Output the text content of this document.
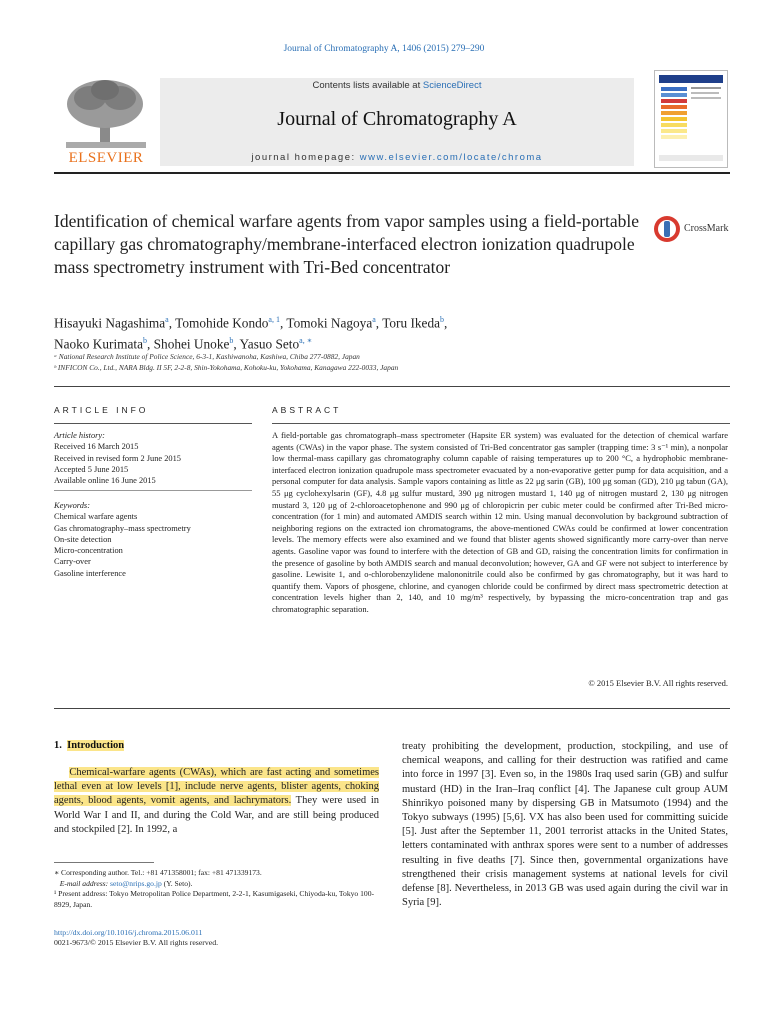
Journal of Chromatography A, 1406 (2015) 279–290
ELSEVIER
Contents lists available at ScienceDirect
Journal of Chromatography A
journal homepage: www.elsevier.com/locate/chroma
Identification of chemical warfare agents from vapor samples using a field-portable capillary gas chromatography/membrane-interfaced electron ionization quadrupole mass spectrometry instrument with Tri-Bed concentrator
CrossMark
Hisayuki Nagashima$^a$, Tomohide Kondo$^{a, 1}$, Tomoki Nagoya$^a$, Toru Ikeda$^b$,
Naoko Kurimata$^b$, Shohei Unoke$^b$, Yasuo Seto$^{a, ∗}$
ᵃ National Research Institute of Police Science, 6-3-1, Kashiwanoha, Kashiwa, Chiba 277-0882, Japan
ᵇ INFICON Co., Ltd., NARA Bldg. II 5F, 2-2-8, Shin-Yokohama, Kohoku-ku, Yokohama, Kanagawa 222-0033, Japan
ARTICLE INFO
Article history:
Received 16 March 2015
Received in revised form 2 June 2015
Accepted 5 June 2015
Available online 16 June 2015
Keywords:
Chemical warfare agents
Gas chromatography–mass spectrometry
On-site detection
Micro-concentration
Carry-over
Gasoline interference
ABSTRACT
A field-portable gas chromatograph–mass spectrometer (Hapsite ER system) was evaluated for the detection of chemical warfare agents (CWAs) in the vapor phase. The system consisted of Tri-Bed concentrator gas sampler (trapping time: 3 s⁻¹ min), a nonpolar low thermal-mass capillary gas chromatography column capable of raising temperatures up to 200 °C, a hydrophobic membrane-interfaced electron ionization quadrupole mass spectrometer evacuated by a non-evaporative getter pump for data acquisition, and a personal computer for data analysis. Sample vapors containing as little as 22 μg sarin (GB), 100 μg soman (GD), 210 μg tabun (GA), 55 μg cyclohexylsarin (GF), 4.8 μg sulfur mustard, 390 μg nitrogen mustard 1, 140 μg of nitrogen mustard 2, 130 μg nitrogen mustard 3, 120 μg of 2-chloroacetophenone and 990 μg of chloropicrin per cubic meter could be confirmed after Tri-Bed micro-concentration (for 1 min) and automated AMDIS search within 12 min. Using manual deconvolution by background subtraction of neighboring regions on the extracted ion chromatograms, the above-mentioned CWAs could be confirmed at lower concentration levels. The memory effects were also examined and we found that blister agents showed significantly more carry-over than nerve agents. Gasoline vapor was found to interfere with the detection of GB and GD, raising the concentration limits for confirmation in the presence of gasoline by both AMDIS search and manual deconvolution; however, GA and GF were not subject to interference by gasoline. Lewisite 1, and o-chlorobenzylidene malononitrile could also be confirmed by gas chromatography, but it was hard to quantify them. Vapors of phosgene, chlorine, and cyanogen chloride could be confirmed by direct mass spectrometric detection at concentration levels higher than 2, 140, and 10 mg/m³ respectively, by bypassing the micro-concentration trap and gas chromatographic separation.
© 2015 Elsevier B.V. All rights reserved.
1. Introduction
Chemical-warfare agents (CWAs), which are fast acting and sometimes lethal even at low levels [1], include nerve agents, blister agents, choking agents, blood agents, vomit agents, and lachrymators. They were used in World War I and II, and during the Cold War, and are still being produced and stockpiled [2]. In 1992, a
treaty prohibiting the development, production, stockpiling, and use of chemical weapons, and calling for their destruction was ratified and came into force in 1997 [3]. Even so, in the 1980s Iraq used sarin (GB) and sulfur mustard (HD) in the Iran–Iraq conflict [4]. The Japanese cult group AUM Shinrikyo poisoned many by dispersing GB in Matsumoto (1994) and the Tokyo subways (1995) [5,6]. VX has also been used for committing suicide [5]. Just after the September 11, 2001 terrorist attacks in the United States, letters contaminated with anthrax spores were sent to a number of addresses resulting in five deaths [7]. Since then, governmental organizations have strengthened their crisis management systems at national levels for civil defense [8]. Nevertheless, in 2013 GB was used again during the civil war in Syria [9].
∗ Corresponding author. Tel.: +81 471358001; fax: +81 471339173.
E-mail address: seto@nrips.go.jp (Y. Seto).
¹ Present address: Tokyo Metropolitan Police Department, 2-2-1, Kasumigaseki, Chiyoda-ku, Tokyo 100-8929, Japan.
http://dx.doi.org/10.1016/j.chroma.2015.06.011
0021-9673/© 2015 Elsevier B.V. All rights reserved.
